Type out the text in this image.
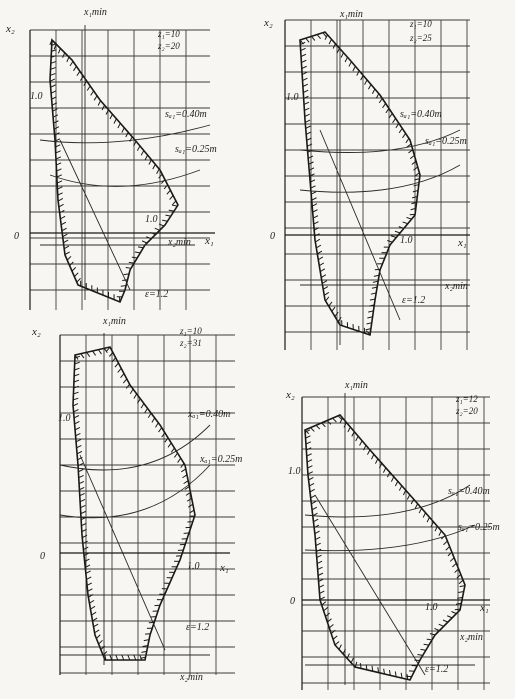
x₂
x₁
x₁min
z₁=10
z₂=20
1.0
sₐ₁=0.40m
sₐ₁=0.25m
1.0
0
x₂min
ε=1.2
x₂
x₁
x₁min
z₁=10
z₂=25
1.0
sₐ₁=0.40m
sₐ₁=0.25m
1.0
0
x₂min
ε=1.2
x₂
x₁
x₁min
z₁=10
z₂=31
1.0	xₐ₁=0.40m
xₐ₁=0.25m
1.0
0
x₂min
ε=1.2
x₂
x₁
x₁min
z₁=12
z₂=20
1.0
sₐ₁=0.40m
sₐ₁=0.25m
1.0
0
x₂min
ε=1.2
